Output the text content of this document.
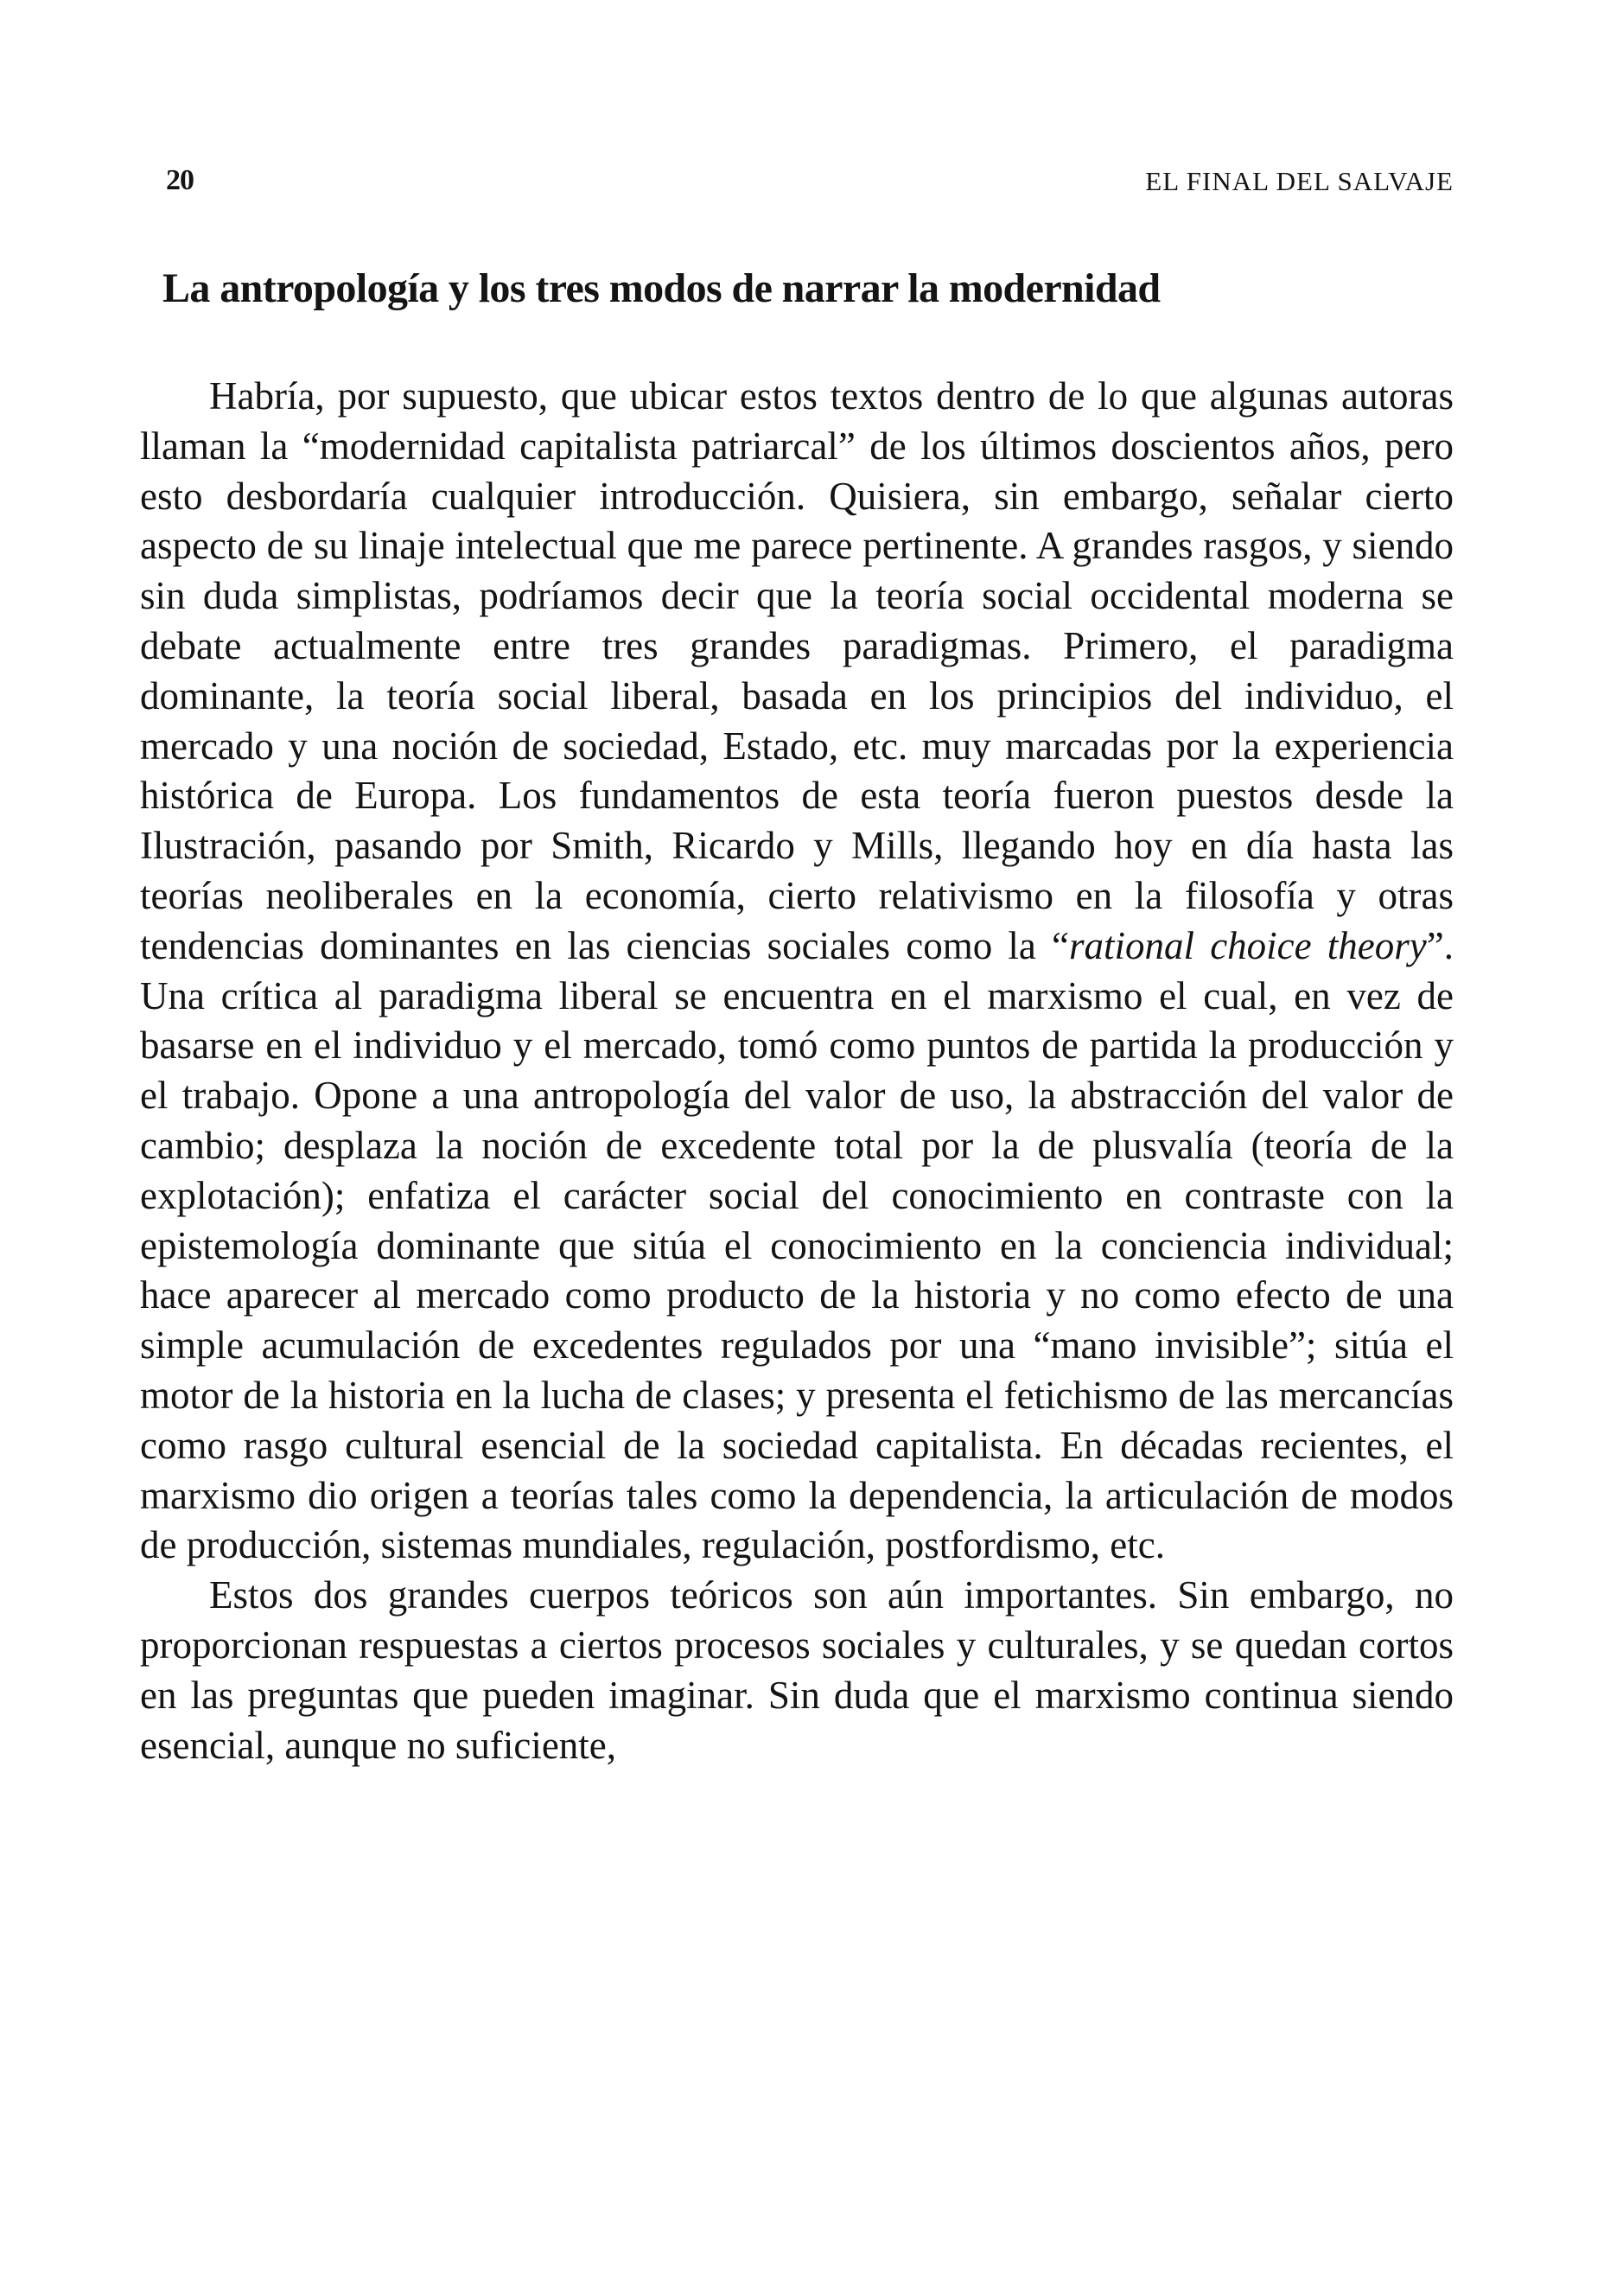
20	EL FINAL DEL SALVAJE
La antropología y los tres modos de narrar la modernidad

Habría, por supuesto, que ubicar estos textos dentro de lo que algunas autoras llaman la “modernidad capitalista patriarcal” de los últimos doscientos años, pero esto desbordaría cualquier introducción. Quisiera, sin embargo, señalar cierto aspecto de su linaje intelectual que me parece pertinente. A grandes rasgos, y siendo sin duda simplistas, podríamos decir que la teoría social occidental moderna se debate actualmente entre tres grandes paradigmas. Primero, el paradigma dominante, la teoría social liberal, basada en los principios del individuo, el mercado y una noción de sociedad, Estado, etc. muy marcadas por la experiencia histórica de Europa. Los fundamentos de esta teoría fueron puestos desde la Ilustración, pasando por Smith, Ricardo y Mills, llegando hoy en día hasta las teorías neoliberales en la economía, cierto relativismo en la filosofía y otras tendencias dominantes en las ciencias sociales como la “rational choice theory”. Una crítica al paradigma liberal se encuentra en el marxismo el cual, en vez de basarse en el individuo y el mercado, tomó como puntos de partida la producción y el trabajo. Opone a una antropología del valor de uso, la abstracción del valor de cambio; desplaza la noción de excedente total por la de plusvalía (teoría de la explotación); enfatiza el carácter social del conocimiento en contraste con la epistemología dominante que sitúa el conocimiento en la conciencia individual; hace aparecer al mercado como producto de la historia y no como efecto de una simple acumulación de excedentes regulados por una “mano invisible”; sitúa el motor de la historia en la lucha de clases; y presenta el fetichismo de las mercancías como rasgo cultural esencial de la sociedad capitalista. En décadas recientes, el marxismo dio origen a teorías tales como la dependencia, la articulación de modos de producción, sistemas mundiales, regulación, postfordismo, etc.

Estos dos grandes cuerpos teóricos son aún importantes. Sin embargo, no proporcionan respuestas a ciertos procesos sociales y culturales, y se quedan cortos en las preguntas que pueden imaginar. Sin duda que el marxismo continua siendo esencial, aunque no suficiente,
